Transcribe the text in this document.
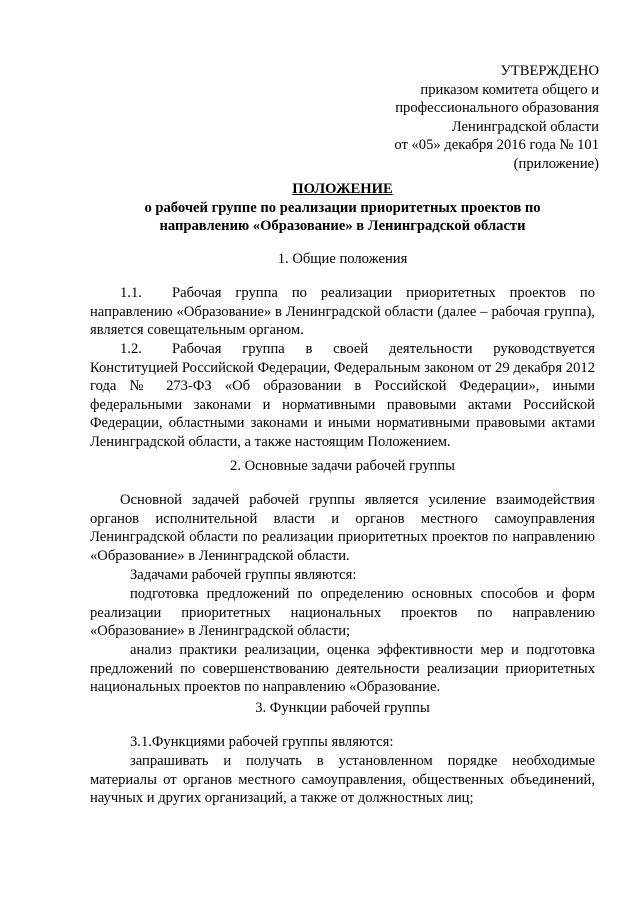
УТВЕРЖДЕНО
приказом комитета общего и
профессионального образования
Ленинградской области
от «05» декабря 2016 года № 101
(приложение)
ПОЛОЖЕНИЕ
о рабочей группе по реализации приоритетных проектов по
направлению «Образование» в Ленинградской области
1. Общие положения
1.1. Рабочая группа по реализации приоритетных проектов по направлению «Образование» в Ленинградской области (далее – рабочая группа), является совещательным органом.
1.2. Рабочая группа в своей деятельности руководствуется Конституцией Российской Федерации, Федеральным законом от 29 декабря 2012 года № 273-ФЗ «Об образовании в Российской Федерации», иными федеральными законами и нормативными правовыми актами Российской Федерации, областными законами и иными нормативными правовыми актами Ленинградской области, а также настоящим Положением.
2. Основные задачи рабочей группы
Основной задачей рабочей группы является усиление взаимодействия органов исполнительной власти и органов местного самоуправления Ленинградской области по реализации приоритетных проектов по направлению «Образование» в Ленинградской области.
Задачами рабочей группы являются:
подготовка предложений по определению основных способов и форм реализации приоритетных национальных проектов по направлению «Образование» в Ленинградской области;
анализ практики реализации, оценка эффективности мер и подготовка предложений по совершенствованию деятельности реализации приоритетных национальных проектов по направлению «Образование.
3. Функции рабочей группы
3.1.Функциями рабочей группы являются:
запрашивать и получать в установленном порядке необходимые материалы от органов местного самоуправления, общественных объединений, научных и других организаций, а также от должностных лиц;
